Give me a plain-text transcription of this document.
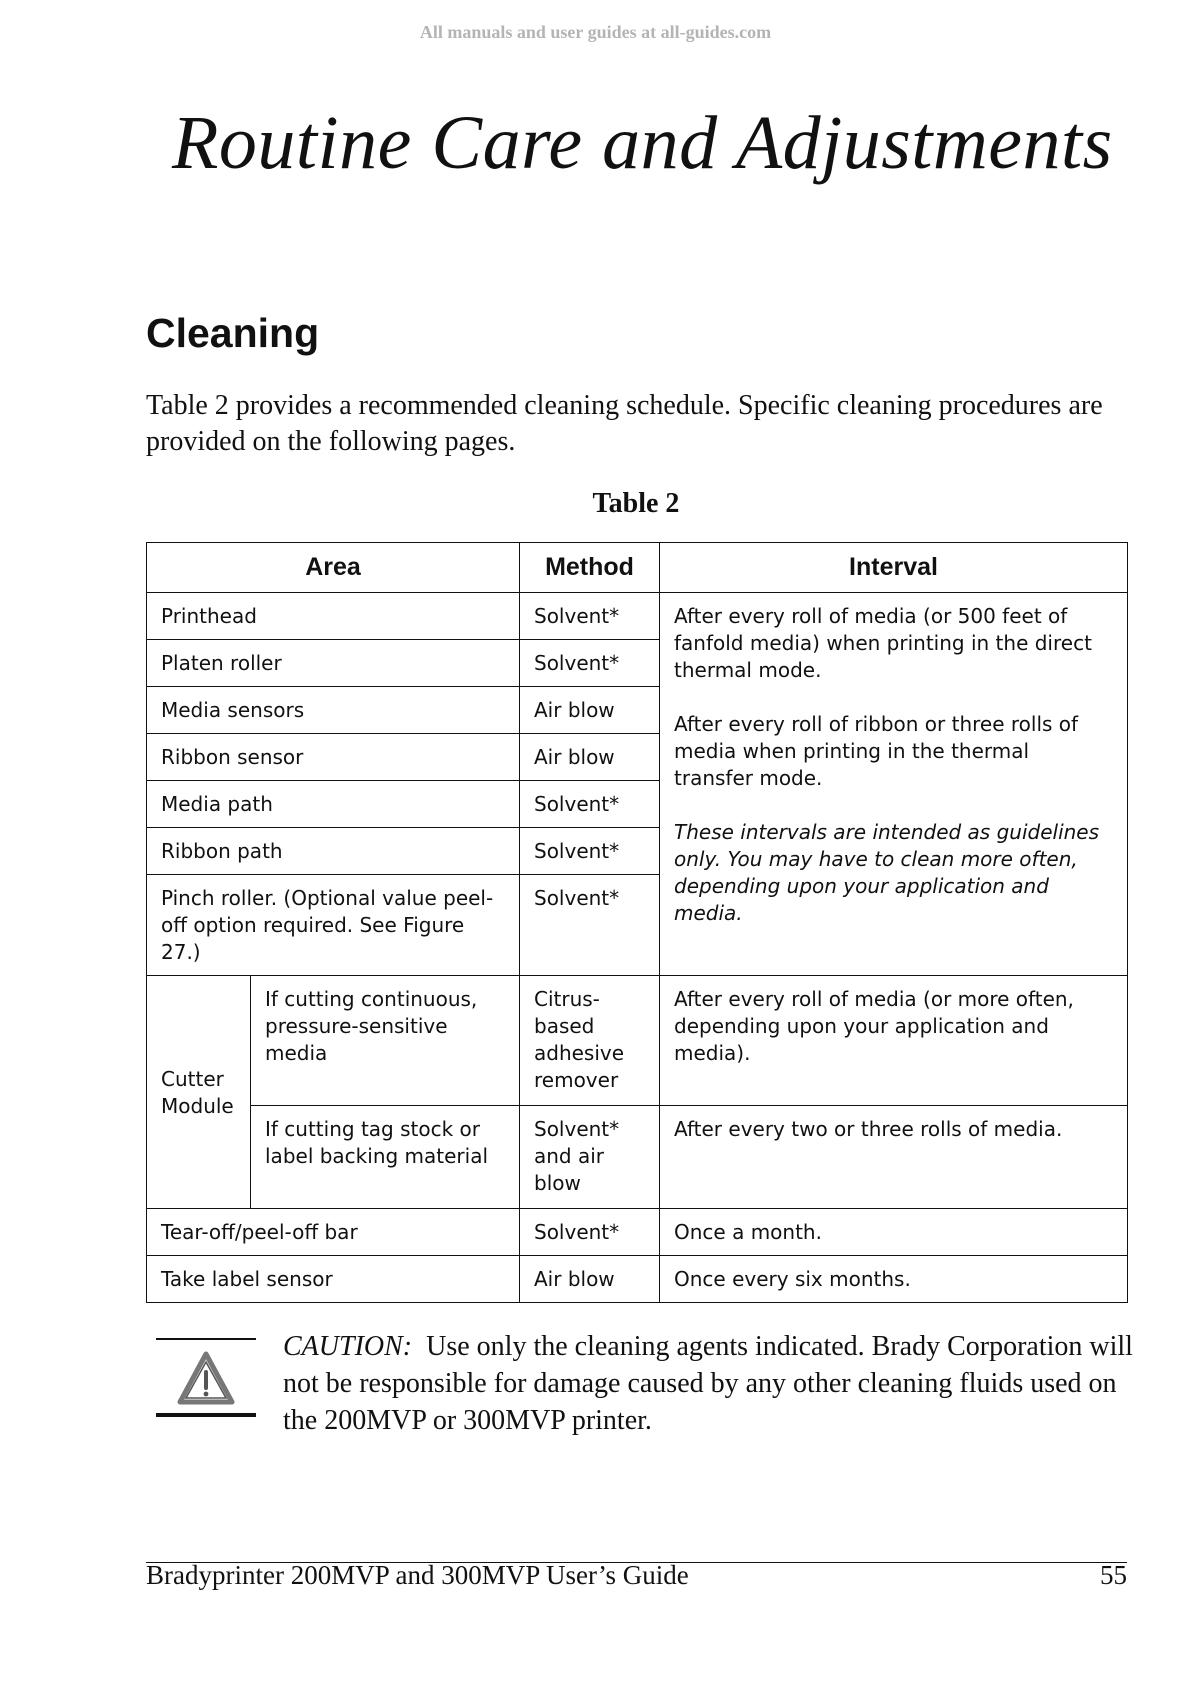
All manuals and user guides at all-guides.com
Routine Care and Adjustments
Cleaning

Table 2 provides a recommended cleaning schedule. Specific cleaning procedures are provided on the following pages.

Table 2
Area		Method	Interval
Printhead		Solvent*	After every roll of media (or 500 feet of fanfold media) when printing in the direct thermal mode.

After every roll of ribbon or three rolls of media when printing in the thermal transfer mode.

These intervals are intended as guidelines only. You may have to clean more often, depending upon your application and media.

Platen roller		Solvent*	
Media sensors		Air blow	
Ribbon sensor		Air blow	
Media path		Solvent*	
Ribbon path		Solvent*	
Pinch roller. (Optional value peel-off option required. See Figure 27.)		Solvent*	
Cutter Module	If cutting continuous, pressure-sensitive media	Citrus-based adhesive remover	After every roll of media (or more often, depending upon your application and media).
	If cutting tag stock or label backing material	Solvent* and air blow	After every two or three rolls of media.
Tear-off/peel-off bar		Solvent*	Once a month.
Take label sensor		Air blow	Once every six months.

CAUTION: Use only the cleaning agents indicated. Brady Corporation will not be responsible for damage caused by any other cleaning fluids used on the 200MVP or 300MVP printer.

Bradyprinter 200MVP and 300MVP User’s Guide	55
